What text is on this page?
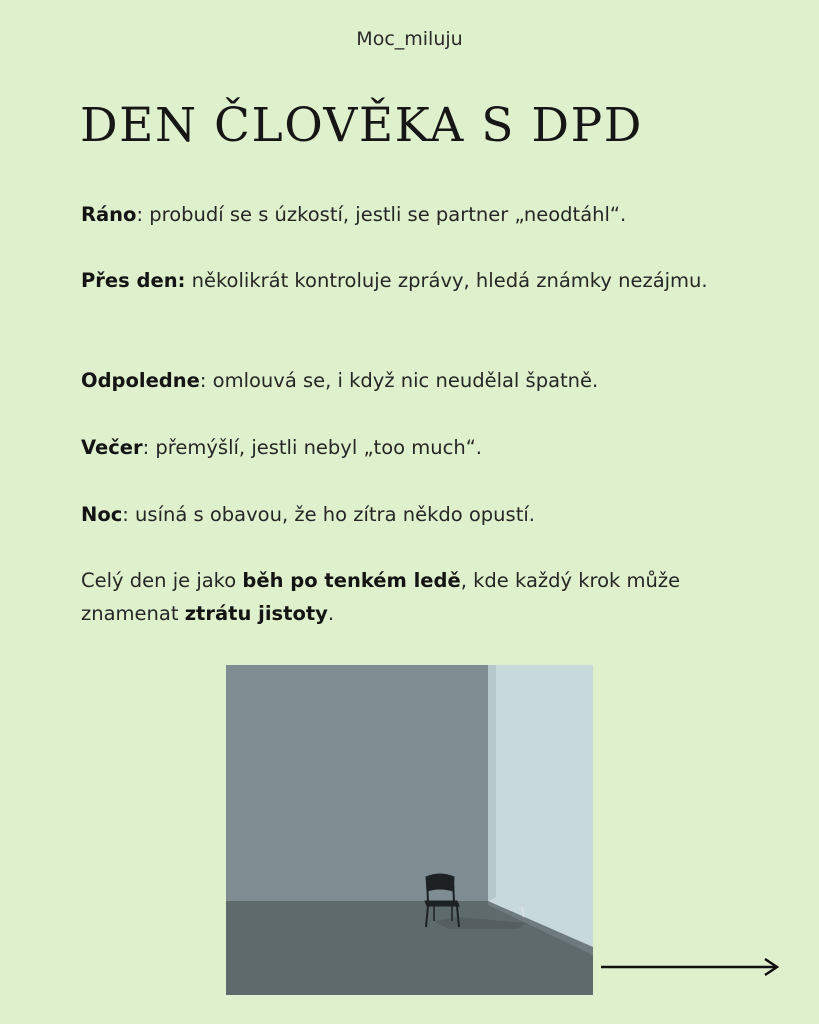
Moc_miluju
DEN ČLOVĚKA S DPD
Ráno: probudí se s úzkostí, jestli se partner „neodtáhl“.
Přes den: několikrát kontroluje zprávy, hledá známky nezájmu.
Odpoledne: omlouvá se, i když nic neudělal špatně.
Večer: přemýšlí, jestli nebyl „too much“.
Noc: usíná s obavou, že ho zítra někdo opustí.
Celý den je jako běh po tenkém ledě, kde každý krok může znamenat ztrátu jistoty.
